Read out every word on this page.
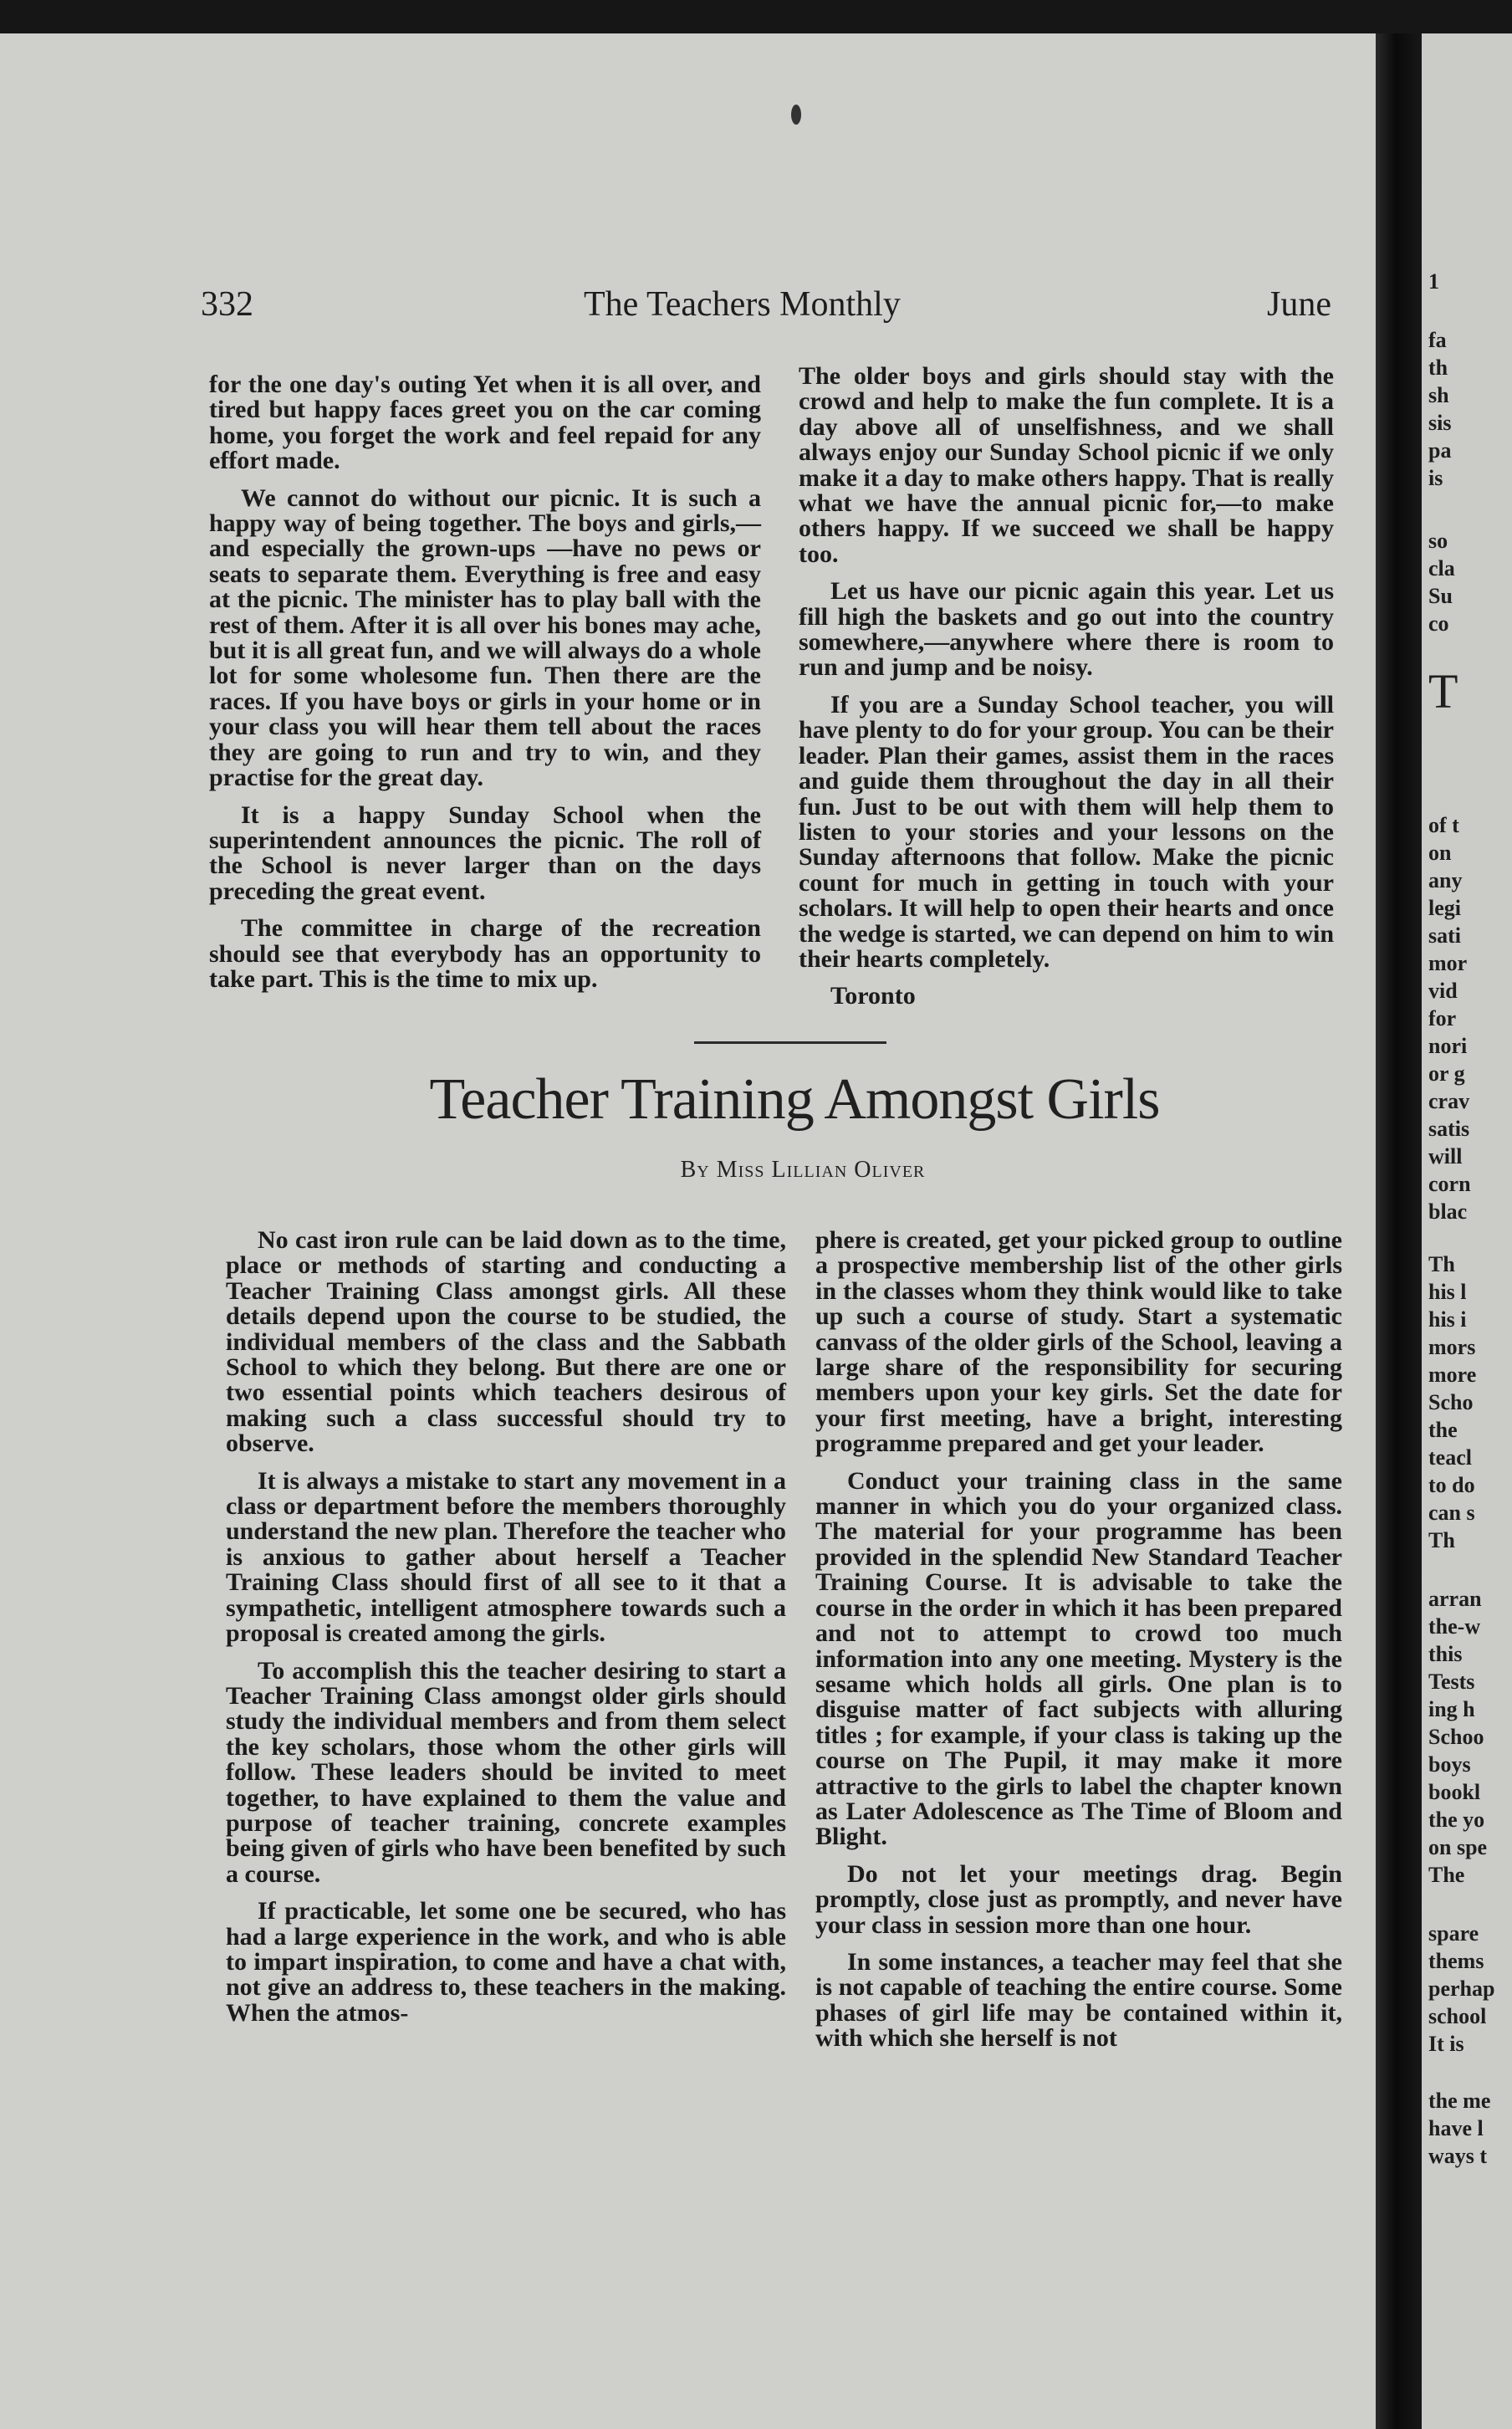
332	The Teachers Monthly	June

for the one day's outing Yet when it is all over, and tired but happy faces greet you on the car coming home, you forget the work and feel repaid for any effort made.

We cannot do without our picnic. It is such a happy way of being together. The boys and girls,—and especially the grown-ups —have no pews or seats to separate them. Everything is free and easy at the picnic. The minister has to play ball with the rest of them. After it is all over his bones may ache, but it is all great fun, and we will always do a whole lot for some wholesome fun. Then there are the races. If you have boys or girls in your home or in your class you will hear them tell about the races they are going to run and try to win, and they practise for the great day.

It is a happy Sunday School when the superintendent announces the picnic. The roll of the School is never larger than on the days preceding the great event.

The committee in charge of the recreation should see that everybody has an opportunity to take part. This is the time to mix up.

The older boys and girls should stay with the crowd and help to make the fun complete. It is a day above all of unselfishness, and we shall always enjoy our Sunday School picnic if we only make it a day to make others happy. That is really what we have the annual picnic for,—to make others happy. If we succeed we shall be happy too.

Let us have our picnic again this year. Let us fill high the baskets and go out into the country somewhere,—anywhere where there is room to run and jump and be noisy.

If you are a Sunday School teacher, you will have plenty to do for your group. You can be their leader. Plan their games, assist them in the races and guide them throughout the day in all their fun. Just to be out with them will help them to listen to your stories and your lessons on the Sunday afternoons that follow. Make the picnic count for much in getting in touch with your scholars. It will help to open their hearts and once the wedge is started, we can depend on him to win their hearts completely.

Toronto

Teacher Training Amongst Girls
By Miss Lillian Oliver

No cast iron rule can be laid down as to the time, place or methods of starting and conducting a Teacher Training Class amongst girls. All these details depend upon the course to be studied, the individual members of the class and the Sabbath School to which they belong. But there are one or two essential points which teachers desirous of making such a class successful should try to observe.

It is always a mistake to start any movement in a class or department before the members thoroughly understand the new plan. Therefore the teacher who is anxious to gather about herself a Teacher Training Class should first of all see to it that a sympathetic, intelligent atmosphere towards such a proposal is created among the girls.

To accomplish this the teacher desiring to start a Teacher Training Class amongst older girls should study the individual members and from them select the key scholars, those whom the other girls will follow. These leaders should be invited to meet together, to have explained to them the value and purpose of teacher training, concrete examples being given of girls who have been benefited by such a course.

If practicable, let some one be secured, who has had a large experience in the work, and who is able to impart inspiration, to come and have a chat with, not give an address to, these teachers in the making. When the atmos-

phere is created, get your picked group to outline a prospective membership list of the other girls in the classes whom they think would like to take up such a course of study. Start a systematic canvass of the older girls of the School, leaving a large share of the responsibility for securing members upon your key girls. Set the date for your first meeting, have a bright, interesting programme prepared and get your leader.

Conduct your training class in the same manner in which you do your organized class. The material for your programme has been provided in the splendid New Standard Teacher Training Course. It is advisable to take the course in the order in which it has been prepared and not to attempt to crowd too much information into any one meeting. Mystery is the sesame which holds all girls. One plan is to disguise matter of fact subjects with alluring titles ; for example, if your class is taking up the course on The Pupil, it may make it more attractive to the girls to label the chapter known as Later Adolescence as The Time of Bloom and Blight.

Do not let your meetings drag. Begin promptly, close just as promptly, and never have your class in session more than one hour.

In some instances, a teacher may feel that she is not capable of teaching the entire course. Some phases of girl life may be contained within it, with which she herself is not

1
fa
th
sh
sis
pa
is
so
cla
Su
co
T
of t
on
any
legi
sati
mor
vid
for
nori
or g
crav
satis
will
corn
blac
Th
his l
his i
mors
more
Scho
the
teacl
to do
can s
Th
arran
the-w
this
Tests
ing h
Schoo
boys
bookl
the yo
on spe
The
spare
thems
perhap
school
It is
the me
have l
ways t
